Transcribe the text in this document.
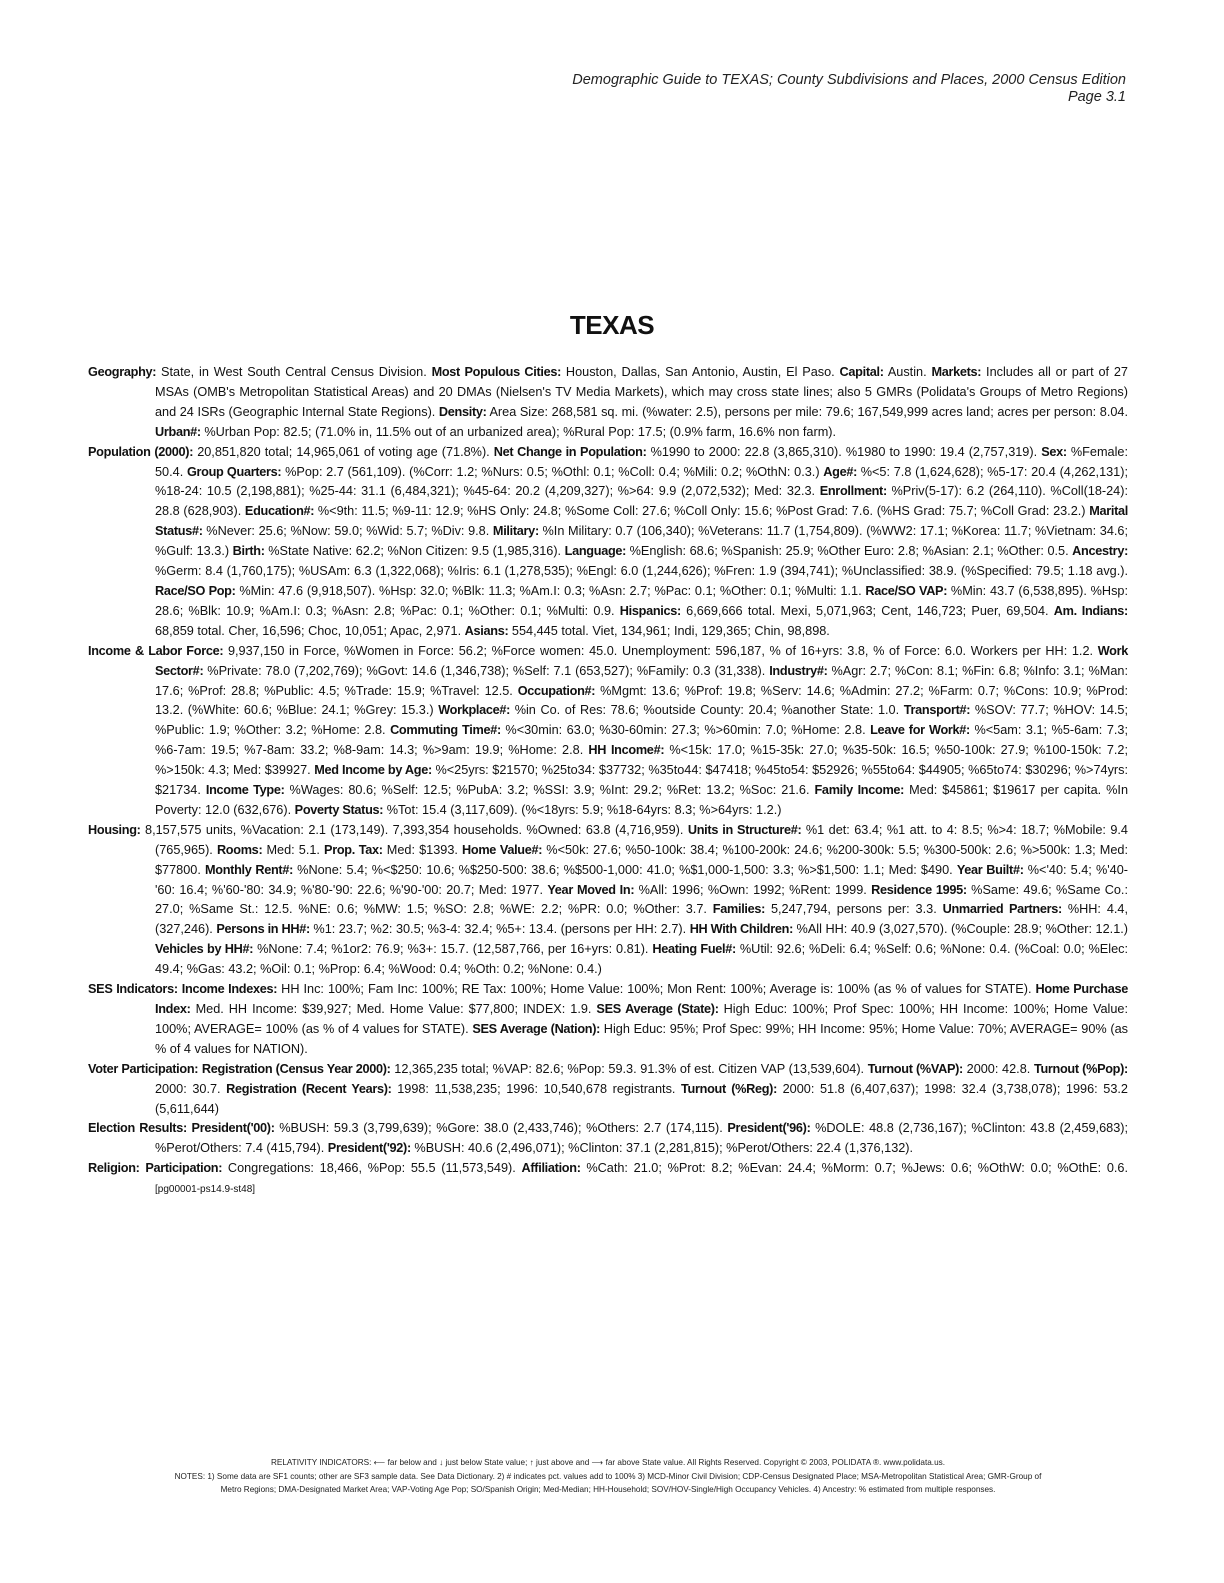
Demographic Guide to TEXAS; County Subdivisions and Places, 2000 Census Edition
Page 3.1
TEXAS

Geography: State, in West South Central Census Division. Most Populous Cities: Houston, Dallas, San Antonio, Austin, El Paso. Capital: Austin. Markets: Includes all or part of 27 MSAs (OMB's Metropolitan Statistical Areas) and 20 DMAs (Nielsen's TV Media Markets), which may cross state lines; also 5 GMRs (Polidata's Groups of Metro Regions) and 24 ISRs (Geographic Internal State Regions). Density: Area Size: 268,581 sq. mi. (%water: 2.5), persons per mile: 79.6; 167,549,999 acres land; acres per person: 8.04. Urban#: %Urban Pop: 82.5; (71.0% in, 11.5% out of an urbanized area); %Rural Pop: 17.5; (0.9% farm, 16.6% non farm).

Population (2000): 20,851,820 total; 14,965,061 of voting age (71.8%). Net Change in Population: %1990 to 2000: 22.8 (3,865,310). %1980 to 1990: 19.4 (2,757,319). Sex: %Female: 50.4. Group Quarters: %Pop: 2.7 (561,109). (%Corr: 1.2; %Nurs: 0.5; %Othl: 0.1; %Coll: 0.4; %Mili: 0.2; %OthN: 0.3.) Age#: %<5: 7.8 (1,624,628); %5-17: 20.4 (4,262,131); %18-24: 10.5 (2,198,881); %25-44: 31.1 (6,484,321); %45-64: 20.2 (4,209,327); %>64: 9.9 (2,072,532); Med: 32.3. Enrollment: %Priv(5-17): 6.2 (264,110). %Coll(18-24): 28.8 (628,903). Education#: %<9th: 11.5; %9-11: 12.9; %HS Only: 24.8; %Some Coll: 27.6; %Coll Only: 15.6; %Post Grad: 7.6. (%HS Grad: 75.7; %Coll Grad: 23.2.) Marital Status#: %Never: 25.6; %Now: 59.0; %Wid: 5.7; %Div: 9.8. Military: %In Military: 0.7 (106,340); %Veterans: 11.7 (1,754,809). (%WW2: 17.1; %Korea: 11.7; %Vietnam: 34.6; %Gulf: 13.3.) Birth: %State Native: 62.2; %Non Citizen: 9.5 (1,985,316). Language: %English: 68.6; %Spanish: 25.9; %Other Euro: 2.8; %Asian: 2.1; %Other: 0.5. Ancestry: %Germ: 8.4 (1,760,175); %USAm: 6.3 (1,322,068); %Iris: 6.1 (1,278,535); %Engl: 6.0 (1,244,626); %Fren: 1.9 (394,741); %Unclassified: 38.9. (%Specified: 79.5; 1.18 avg.). Race/SO Pop: %Min: 47.6 (9,918,507). %Hsp: 32.0; %Blk: 11.3; %Am.I: 0.3; %Asn: 2.7; %Pac: 0.1; %Other: 0.1; %Multi: 1.1. Race/SO VAP: %Min: 43.7 (6,538,895). %Hsp: 28.6; %Blk: 10.9; %Am.I: 0.3; %Asn: 2.8; %Pac: 0.1; %Other: 0.1; %Multi: 0.9. Hispanics: 6,669,666 total. Mexi, 5,071,963; Cent, 146,723; Puer, 69,504. Am. Indians: 68,859 total. Cher, 16,596; Choc, 10,051; Apac, 2,971. Asians: 554,445 total. Viet, 134,961; Indi, 129,365; Chin, 98,898.

Income & Labor Force: 9,937,150 in Force, %Women in Force: 56.2; %Force women: 45.0. Unemployment: 596,187, % of 16+yrs: 3.8, % of Force: 6.0. Workers per HH: 1.2. Work Sector#: %Private: 78.0 (7,202,769); %Govt: 14.6 (1,346,738); %Self: 7.1 (653,527); %Family: 0.3 (31,338). Industry#: %Agr: 2.7; %Con: 8.1; %Fin: 6.8; %Info: 3.1; %Man: 17.6; %Prof: 28.8; %Public: 4.5; %Trade: 15.9; %Travel: 12.5. Occupation#: %Mgmt: 13.6; %Prof: 19.8; %Serv: 14.6; %Admin: 27.2; %Farm: 0.7; %Cons: 10.9; %Prod: 13.2. (%White: 60.6; %Blue: 24.1; %Grey: 15.3.) Workplace#: %in Co. of Res: 78.6; %outside County: 20.4; %another State: 1.0. Transport#: %SOV: 77.7; %HOV: 14.5; %Public: 1.9; %Other: 3.2; %Home: 2.8. Commuting Time#: %<30min: 63.0; %30-60min: 27.3; %>60min: 7.0; %Home: 2.8. Leave for Work#: %<5am: 3.1; %5-6am: 7.3; %6-7am: 19.5; %7-8am: 33.2; %8-9am: 14.3; %>9am: 19.9; %Home: 2.8. HH Income#: %<15k: 17.0; %15-35k: 27.0; %35-50k: 16.5; %50-100k: 27.9; %100-150k: 7.2; %>150k: 4.3; Med: $39927. Med Income by Age: %<25yrs: $21570; %25to34: $37732; %35to44: $47418; %45to54: $52926; %55to64: $44905; %65to74: $30296; %>74yrs: $21734. Income Type: %Wages: 80.6; %Self: 12.5; %PubA: 3.2; %SSI: 3.9; %Int: 29.2; %Ret: 13.2; %Soc: 21.6. Family Income: Med: $45861; $19617 per capita. %In Poverty: 12.0 (632,676). Poverty Status: %Tot: 15.4 (3,117,609). (%<18yrs: 5.9; %18-64yrs: 8.3; %>64yrs: 1.2.)

Housing: 8,157,575 units, %Vacation: 2.1 (173,149). 7,393,354 households. %Owned: 63.8 (4,716,959). Units in Structure#: %1 det: 63.4; %1 att. to 4: 8.5; %>4: 18.7; %Mobile: 9.4 (765,965). Rooms: Med: 5.1. Prop. Tax: Med: $1393. Home Value#: %<50k: 27.6; %50-100k: 38.4; %100-200k: 24.6; %200-300k: 5.5; %300-500k: 2.6; %>500k: 1.3; Med: $77800. Monthly Rent#: %None: 5.4; %<$250: 10.6; %$250-500: 38.6; %$500-1,000: 41.0; %$1,000-1,500: 3.3; %>$1,500: 1.1; Med: $490. Year Built#: %<'40: 5.4; %'40-'60: 16.4; %'60-'80: 34.9; %'80-'90: 22.6; %'90-'00: 20.7; Med: 1977. Year Moved In: %All: 1996; %Own: 1992; %Rent: 1999. Residence 1995: %Same: 49.6; %Same Co.: 27.0; %Same St.: 12.5. %NE: 0.6; %MW: 1.5; %SO: 2.8; %WE: 2.2; %PR: 0.0; %Other: 3.7. Families: 5,247,794, persons per: 3.3. Unmarried Partners: %HH: 4.4, (327,246). Persons in HH#: %1: 23.7; %2: 30.5; %3-4: 32.4; %5+: 13.4. (persons per HH: 2.7). HH With Children: %All HH: 40.9 (3,027,570). (%Couple: 28.9; %Other: 12.1.) Vehicles by HH#: %None: 7.4; %1or2: 76.9; %3+: 15.7. (12,587,766, per 16+yrs: 0.81). Heating Fuel#: %Util: 92.6; %Deli: 6.4; %Self: 0.6; %None: 0.4. (%Coal: 0.0; %Elec: 49.4; %Gas: 43.2; %Oil: 0.1; %Prop: 6.4; %Wood: 0.4; %Oth: 0.2; %None: 0.4.)

SES Indicators: Income Indexes: HH Inc: 100%; Fam Inc: 100%; RE Tax: 100%; Home Value: 100%; Mon Rent: 100%; Average is: 100% (as % of values for STATE). Home Purchase Index: Med. HH Income: $39,927; Med. Home Value: $77,800; INDEX: 1.9. SES Average (State): High Educ: 100%; Prof Spec: 100%; HH Income: 100%; Home Value: 100%; AVERAGE= 100% (as % of 4 values for STATE). SES Average (Nation): High Educ: 95%; Prof Spec: 99%; HH Income: 95%; Home Value: 70%; AVERAGE= 90% (as % of 4 values for NATION).

Voter Participation: Registration (Census Year 2000): 12,365,235 total; %VAP: 82.6; %Pop: 59.3. 91.3% of est. Citizen VAP (13,539,604). Turnout (%VAP): 2000: 42.8. Turnout (%Pop): 2000: 30.7. Registration (Recent Years): 1998: 11,538,235; 1996: 10,540,678 registrants. Turnout (%Reg): 2000: 51.8 (6,407,637); 1998: 32.4 (3,738,078); 1996: 53.2 (5,611,644)

Election Results: President('00): %BUSH: 59.3 (3,799,639); %Gore: 38.0 (2,433,746); %Others: 2.7 (174,115). President('96): %DOLE: 48.8 (2,736,167); %Clinton: 43.8 (2,459,683); %Perot/Others: 7.4 (415,794). President('92): %BUSH: 40.6 (2,496,071); %Clinton: 37.1 (2,281,815); %Perot/Others: 22.4 (1,376,132).

Religion: Participation: Congregations: 18,466, %Pop: 55.5 (11,573,549). Affiliation: %Cath: 21.0; %Prot: 8.2; %Evan: 24.4; %Morm: 0.7; %Jews: 0.6; %OthW: 0.0; %OthE: 0.6. [pg00001-ps14.9-st48]

RELATIVITY INDICATORS: ⟵ far below and ↓ just below State value; ↑ just above and ⟶ far above State value. All Rights Reserved. Copyright © 2003, POLIDATA ®. www.polidata.us.

NOTES: 1) Some data are SF1 counts; other are SF3 sample data. See Data Dictionary. 2) # indicates pct. values add to 100% 3) MCD-Minor Civil Division; CDP-Census Designated Place; MSA-Metropolitan Statistical Area; GMR-Group of

Metro Regions; DMA-Designated Market Area; VAP-Voting Age Pop; SO/Spanish Origin; Med-Median; HH-Household; SOV/HOV-Single/High Occupancy Vehicles. 4) Ancestry: % estimated from multiple responses.
